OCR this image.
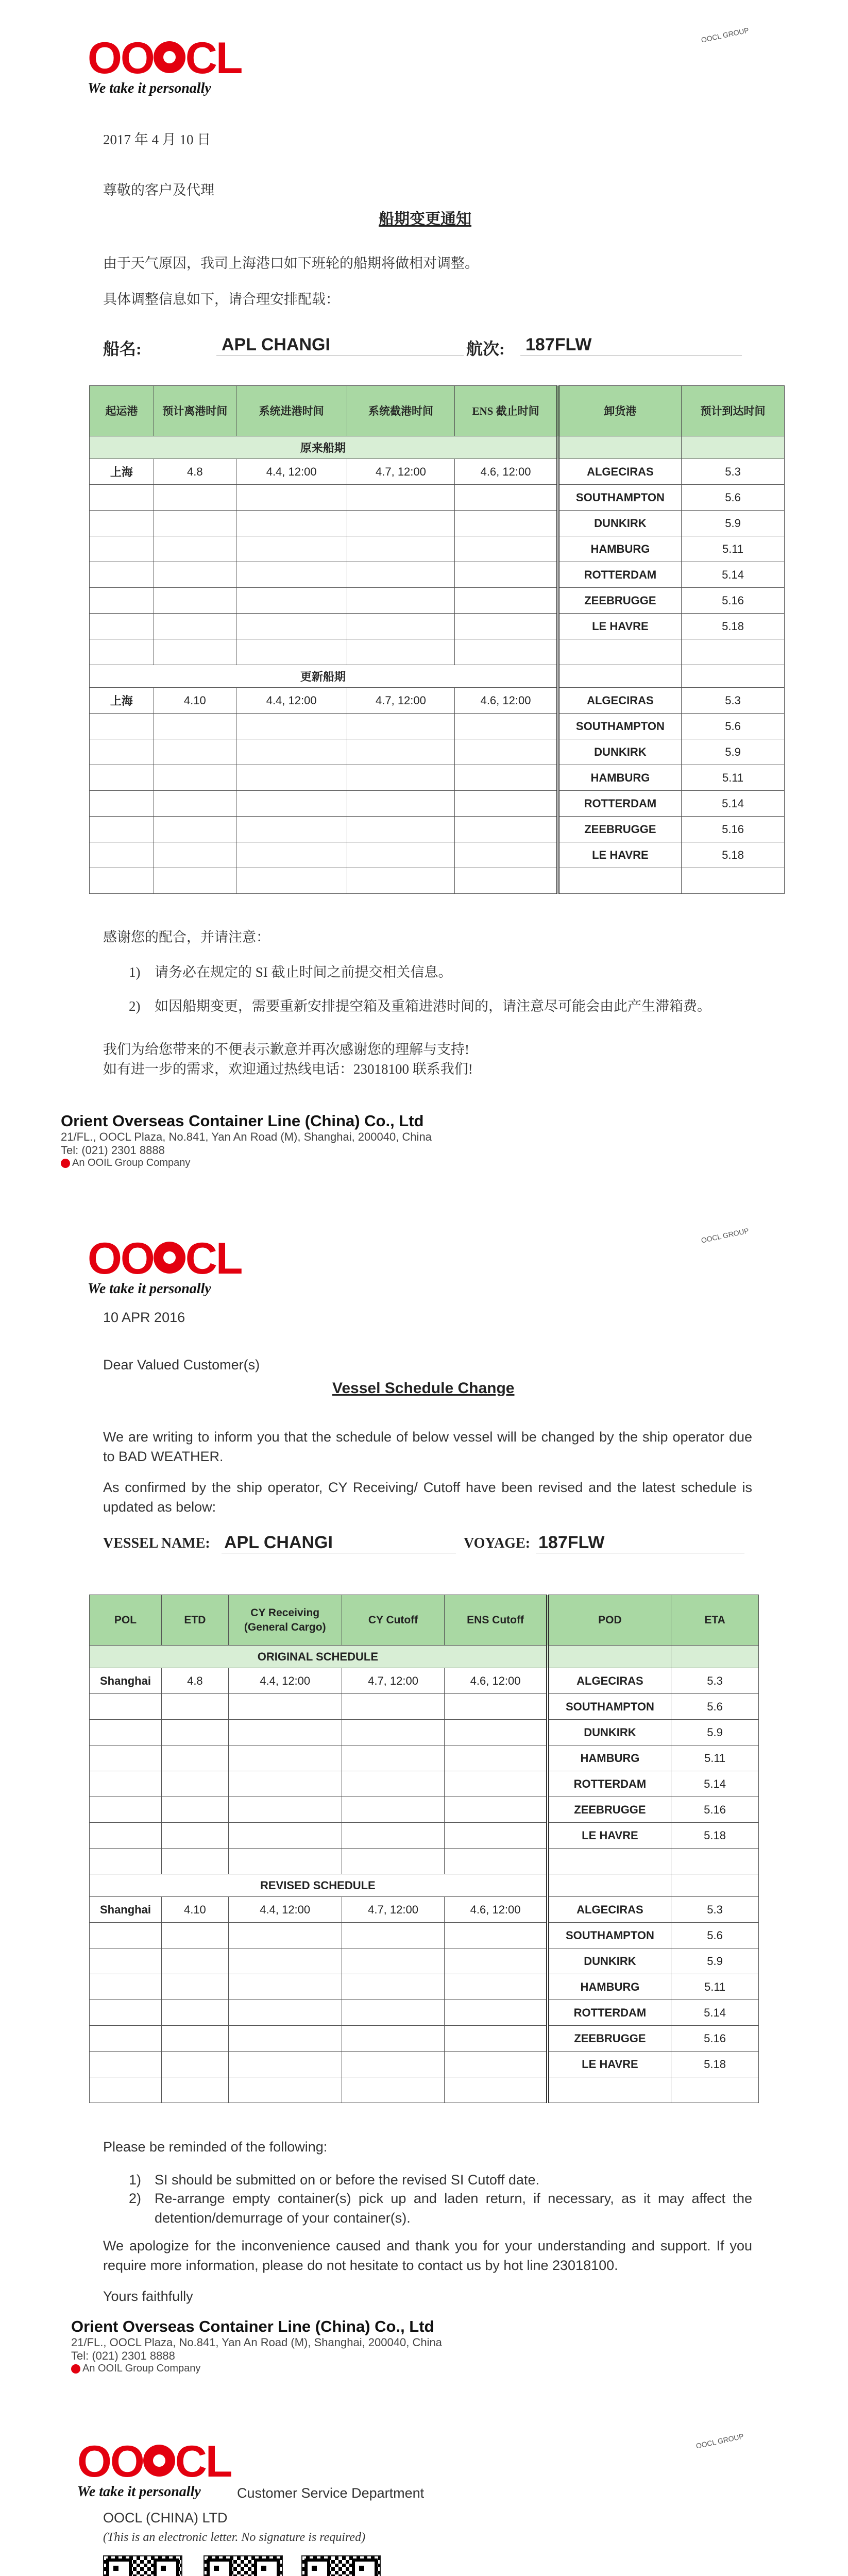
OO CL
We take it personally
OOCL GROUP
2017 年 4 月 10 日
尊敬的客户及代理
船期变更通知
由于天气原因，我司上海港口如下班轮的船期将做相对调整。
具体调整信息如下，请合理安排配载：
船名:	APL CHANGI	航次: 187FLW
起运港	预计离港时间	系统进港时间	系统截港时间	ENS 截止时间	卸货港	预计到达时间
原来船期						
上海	4.8	4.4, 12:00	4.7, 12:00	4.6, 12:00	ALGECIRAS	5.3
					SOUTHAMPTON	5.6
					DUNKIRK	5.9
					HAMBURG	5.11
					ROTTERDAM	5.14
					ZEEBRUGGE	5.16
					LE HAVRE	5.18

更新船期						
上海	4.10	4.4, 12:00	4.7, 12:00	4.6, 12:00	ALGECIRAS	5.3
					SOUTHAMPTON	5.6
					DUNKIRK	5.9
					HAMBURG	5.11
					ROTTERDAM	5.14
					ZEEBRUGGE	5.16
					LE HAVRE	5.18

感谢您的配合，并请注意：
1) 请务必在规定的 SI 截止时间之前提交相关信息。
2) 如因船期变更，需要重新安排提空箱及重箱进港时间的，请注意尽可能会由此产生滞箱费。
我们为给您带来的不便表示歉意并再次感谢您的理解与支持!
如有进一步的需求，欢迎通过热线电话：23018100 联系我们!
Orient Overseas Container Line (China) Co., Ltd
21/FL., OOCL Plaza, No.841, Yan An Road (M), Shanghai, 200040, China
Tel: (021) 2301 8888
An OOIL Group Company
OO CL
We take it personally
OOCL GROUP
10 APR 2016
Dear Valued Customer(s)
Vessel Schedule Change
We are writing to inform you that the schedule of below vessel will be changed by the ship operator due to BAD WEATHER.
As confirmed by the ship operator, CY Receiving/ Cutoff have been revised and the latest schedule is updated as below:
VESSEL NAME: APL CHANGI	VOYAGE: 187FLW
POL	ETD	CY Receiving (General Cargo)	CY Cutoff	ENS Cutoff	POD	ETA
ORIGINAL SCHEDULE						
Shanghai	4.8	4.4, 12:00	4.7, 12:00	4.6, 12:00	ALGECIRAS	5.3
					SOUTHAMPTON	5.6
					DUNKIRK	5.9
					HAMBURG	5.11
					ROTTERDAM	5.14
					ZEEBRUGGE	5.16
					LE HAVRE	5.18

REVISED SCHEDULE						
Shanghai	4.10	4.4, 12:00	4.7, 12:00	4.6, 12:00	ALGECIRAS	5.3
					SOUTHAMPTON	5.6
					DUNKIRK	5.9
					HAMBURG	5.11
					ROTTERDAM	5.14
					ZEEBRUGGE	5.16
					LE HAVRE	5.18

Please be reminded of the following:
1) SI should be submitted on or before the revised SI Cutoff date.
2) Re-arrange empty container(s) pick up and laden return, if necessary, as it may affect the detention/demurrage of your container(s).
We apologize for the inconvenience caused and thank you for your understanding and support. If you require more information, please do not hesitate to contact us by hot line 23018100.
Yours faithfully
Orient Overseas Container Line (China) Co., Ltd
21/FL., OOCL Plaza, No.841, Yan An Road (M), Shanghai, 200040, China
Tel: (021) 2301 8888
An OOIL Group Company
OO CL
We take it personally
OOCL GROUP
Customer Service Department
OOCL (CHINA) LTD
(This is an electronic letter. No signature is required)
